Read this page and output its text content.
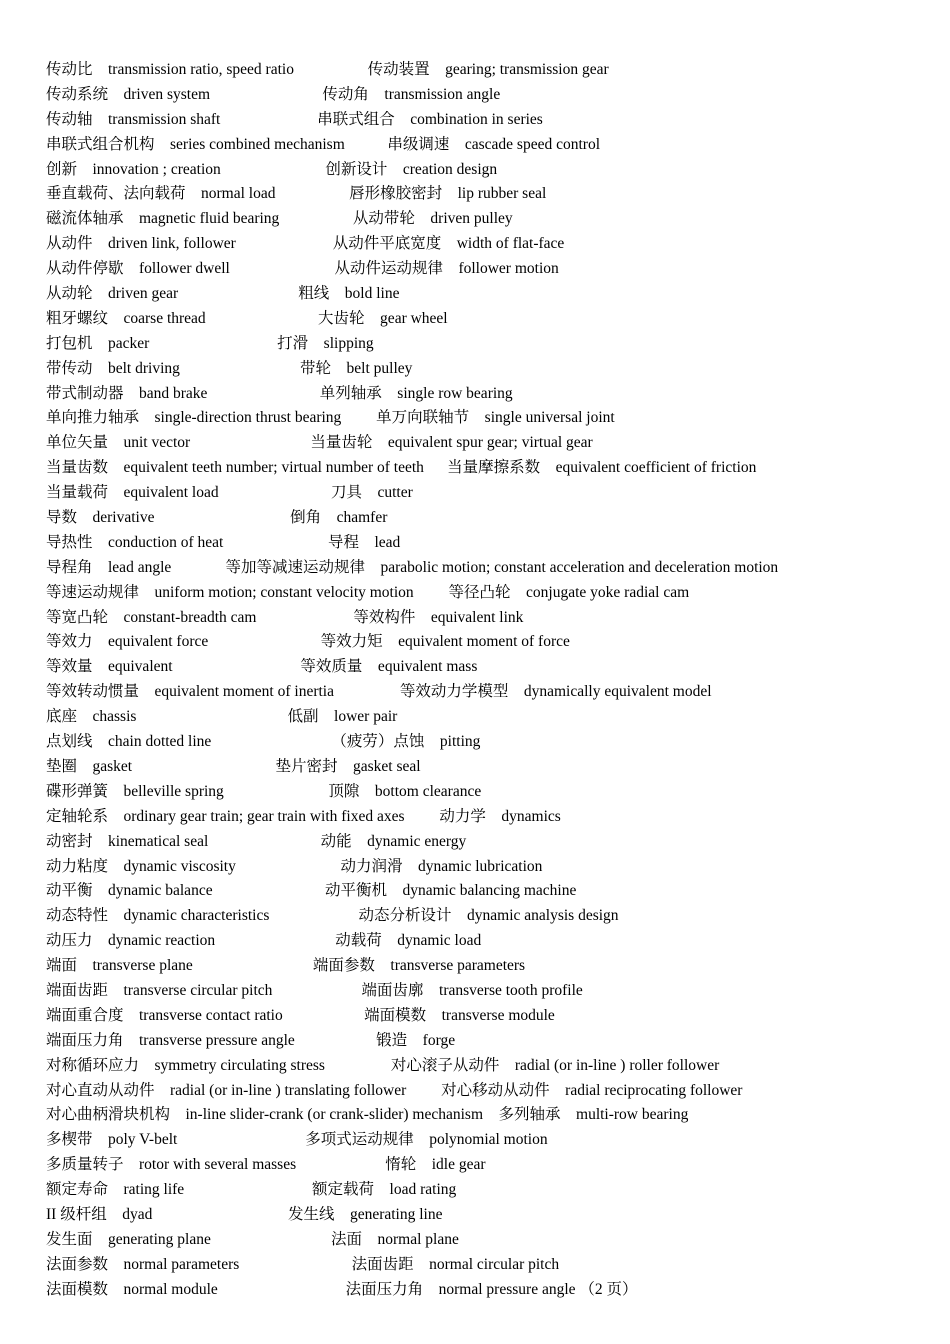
传动比    transmission ratio, speed ratio                   传动装置    gearing; transmission gear
传动系统    driven system                             传动角    transmission angle
传动轴    transmission shaft                         串联式组合    combination in series
串联式组合机构    series combined mechanism           串级调速    cascade speed control
创新    innovation ; creation                           创新设计    creation design
垂直载荷、法向载荷    normal load                   唇形橡胶密封    lip rubber seal
磁流体轴承    magnetic fluid bearing                   从动带轮    driven pulley
从动件    driven link, follower                         从动件平底宽度    width of flat-face
从动件停歇    follower dwell                           从动件运动规律    follower motion
从动轮    driven gear                               粗线    bold line
粗牙螺纹    coarse thread                             大齿轮    gear wheel
打包机    packer                                 打滑    slipping
带传动    belt driving                               带轮    belt pulley
带式制动器    band brake                             单列轴承    single row bearing
单向推力轴承    single-direction thrust bearing         单万向联轴节    single universal joint
单位矢量    unit vector                               当量齿轮    equivalent spur gear; virtual gear
当量齿数    equivalent teeth number; virtual number of teeth      当量摩擦系数    equivalent coefficient of friction
当量载荷    equivalent load                             刀具    cutter
导数    derivative                                   倒角    chamfer
导热性    conduction of heat                           导程    lead
导程角    lead angle              等加等减速运动规律    parabolic motion; constant acceleration and deceleration motion
等速运动规律    uniform motion; constant velocity motion         等径凸轮    conjugate yoke radial cam
等宽凸轮    constant-breadth cam                         等效构件    equivalent link
等效力    equivalent force                             等效力矩    equivalent moment of force
等效量    equivalent                                 等效质量    equivalent mass
等效转动惯量    equivalent moment of inertia                 等效动力学模型    dynamically equivalent model
底座    chassis                                       低副    lower pair
点划线    chain dotted line                               （疲劳）点蚀    pitting
垫圈    gasket                                     垫片密封    gasket seal
碟形弹簧    belleville spring                           顶隙    bottom clearance
定轴轮系    ordinary gear train; gear train with fixed axes         动力学    dynamics
动密封    kinematical seal                             动能    dynamic energy
动力粘度    dynamic viscosity                           动力润滑    dynamic lubrication
动平衡    dynamic balance                             动平衡机    dynamic balancing machine
动态特性    dynamic characteristics                       动态分析设计    dynamic analysis design
动压力    dynamic reaction                               动载荷    dynamic load
端面    transverse plane                               端面参数    transverse parameters
端面齿距    transverse circular pitch                       端面齿廓    transverse tooth profile
端面重合度    transverse contact ratio                     端面模数    transverse module
端面压力角    transverse pressure angle                     锻造    forge
对称循环应力    symmetry circulating stress                 对心滚子从动件    radial (or in-line ) roller follower
对心直动从动件    radial (or in-line ) translating follower         对心移动从动件    radial reciprocating follower
对心曲柄滑块机构    in-line slider-crank (or crank-slider) mechanism    多列轴承    multi-row bearing
多楔带    poly V-belt                                 多项式运动规律    polynomial motion
多质量转子    rotor with several masses                       惰轮    idle gear
额定寿命    rating life                                 额定载荷    load rating
II 级杆组    dyad                                   发生线    generating line
发生面    generating plane                               法面    normal plane
法面参数    normal parameters                             法面齿距    normal circular pitch
法面模数    normal module                                 法面压力角    normal pressure angle （2 页）
